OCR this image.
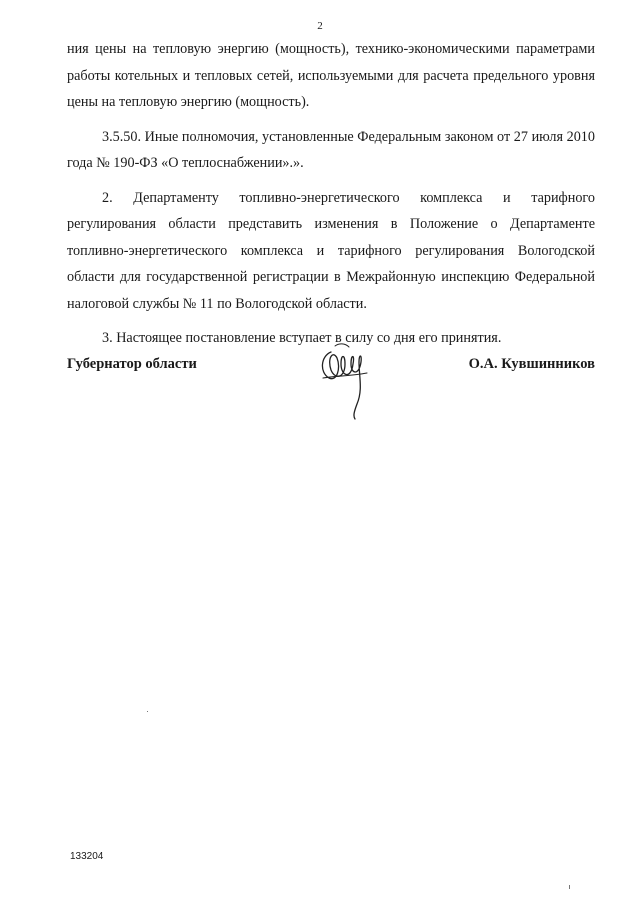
2

ния цены на тепловую энергию (мощность), технико-экономическими параметрами работы котельных и тепловых сетей, используемыми для расчета предельного уровня цены на тепловую энергию (мощность).

3.5.50. Иные полномочия, установленные Федеральным законом от 27 июля 2010 года № 190-ФЗ «О теплоснабжении».».

2. Департаменту топливно-энергетического комплекса и тарифного регулирования области представить изменения в Положение о Департаменте топливно-энергетического комплекса и тарифного регулирования Вологодской области для государственной регистрации в Межрайонную инспекцию Федеральной налоговой службы № 11 по Вологодской области.

3. Настоящее постановление вступает в силу со дня его принятия.

Губернатор области	О.А. Кувшинников
133204
